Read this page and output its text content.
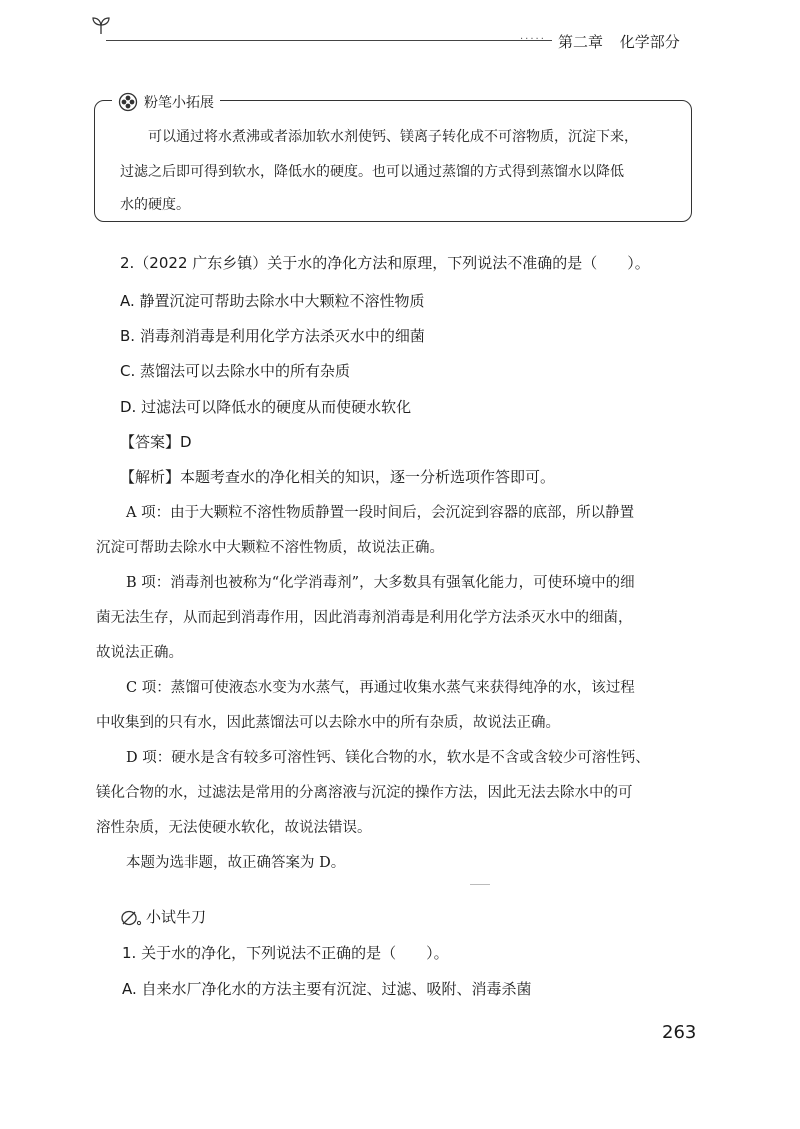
····· 第二章 化学部分
粉笔小拓展
可以通过将水煮沸或者添加软水剂使钙、镁离子转化成不可溶物质，沉淀下来，
过滤之后即可得到软水，降低水的硬度。也可以通过蒸馏的方式得到蒸馏水以降低
水的硬度。
2.（2022 广东乡镇）关于水的净化方法和原理，下列说法不准确的是（　　）。
A. 静置沉淀可帮助去除水中大颗粒不溶性物质
B. 消毒剂消毒是利用化学方法杀灭水中的细菌
C. 蒸馏法可以去除水中的所有杂质
D. 过滤法可以降低水的硬度从而使硬水软化
【答案】D
【解析】本题考查水的净化相关的知识，逐一分析选项作答即可。
A 项：由于大颗粒不溶性物质静置一段时间后，会沉淀到容器的底部，所以静置
沉淀可帮助去除水中大颗粒不溶性物质，故说法正确。
B 项：消毒剂也被称为“化学消毒剂”，大多数具有强氧化能力，可使环境中的细
菌无法生存，从而起到消毒作用，因此消毒剂消毒是利用化学方法杀灭水中的细菌，
故说法正确。
C 项：蒸馏可使液态水变为水蒸气，再通过收集水蒸气来获得纯净的水，该过程
中收集到的只有水，因此蒸馏法可以去除水中的所有杂质，故说法正确。
D 项：硬水是含有较多可溶性钙、镁化合物的水，软水是不含或含较少可溶性钙、
镁化合物的水，过滤法是常用的分离溶液与沉淀的操作方法，因此无法去除水中的可
溶性杂质，无法使硬水软化，故说法错误。
本题为选非题，故正确答案为 D。
小试牛刀
1. 关于水的净化，下列说法不正确的是（　　）。
A. 自来水厂净化水的方法主要有沉淀、过滤、吸附、消毒杀菌
263
